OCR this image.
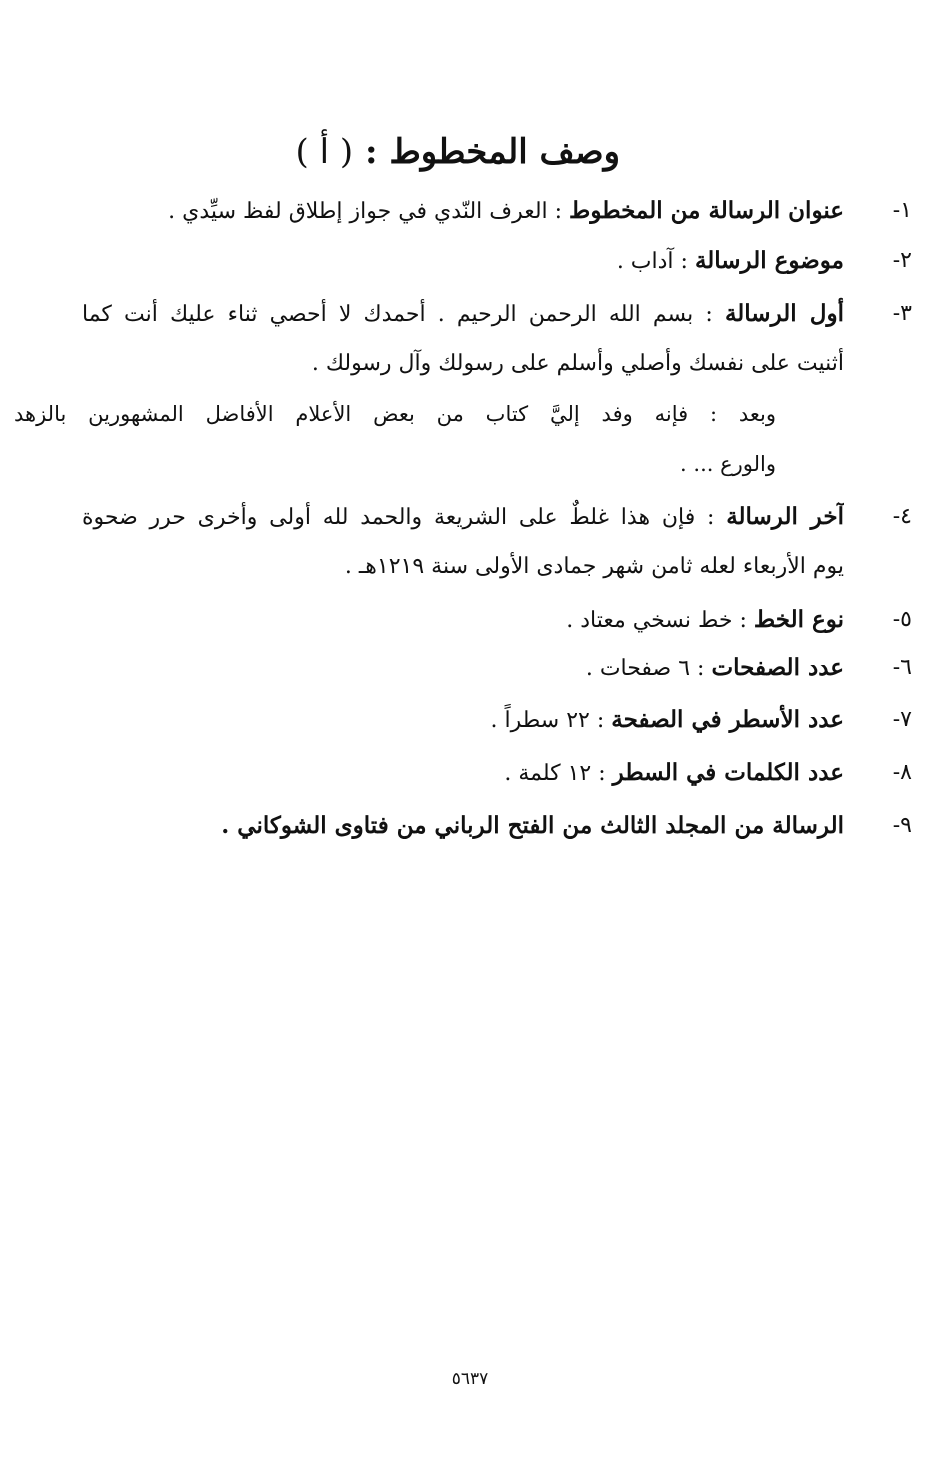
وصف المخطوط : ( أ )
١-
عنوان الرسالة من المخطوط : العرف النّدي في جواز إطلاق لفظ سيِّدي .
٢-
موضوع الرسالة : آداب .
٣-
أول الرسالة : بسم الله الرحمن الرحيم . أحمدك لا أحصي ثناء عليك أنت كما
أثنيت على نفسك وأصلي وأسلم على رسولك وآل رسولك .
وبعد : فإنه وفد إليَّ كتاب من بعض الأعلام الأفاضل المشهورين بالزهد
والورع ... .
٤-
آخر الرسالة : فإن هذا غلطٌ على الشريعة والحمد لله أولى وأخرى حرر ضحوة
يوم الأربعاء لعله ثامن شهر جمادى الأولى سنة ١٢١٩هـ .
٥-
نوع الخط : خط نسخي معتاد .
٦-
عدد الصفحات : ٦ صفحات .
٧-
عدد الأسطر في الصفحة : ٢٢ سطراً .
٨-
عدد الكلمات في السطر : ١٢ كلمة .
٩-
الرسالة من المجلد الثالث من الفتح الرباني من فتاوى الشوكاني .
٥٦٣٧
